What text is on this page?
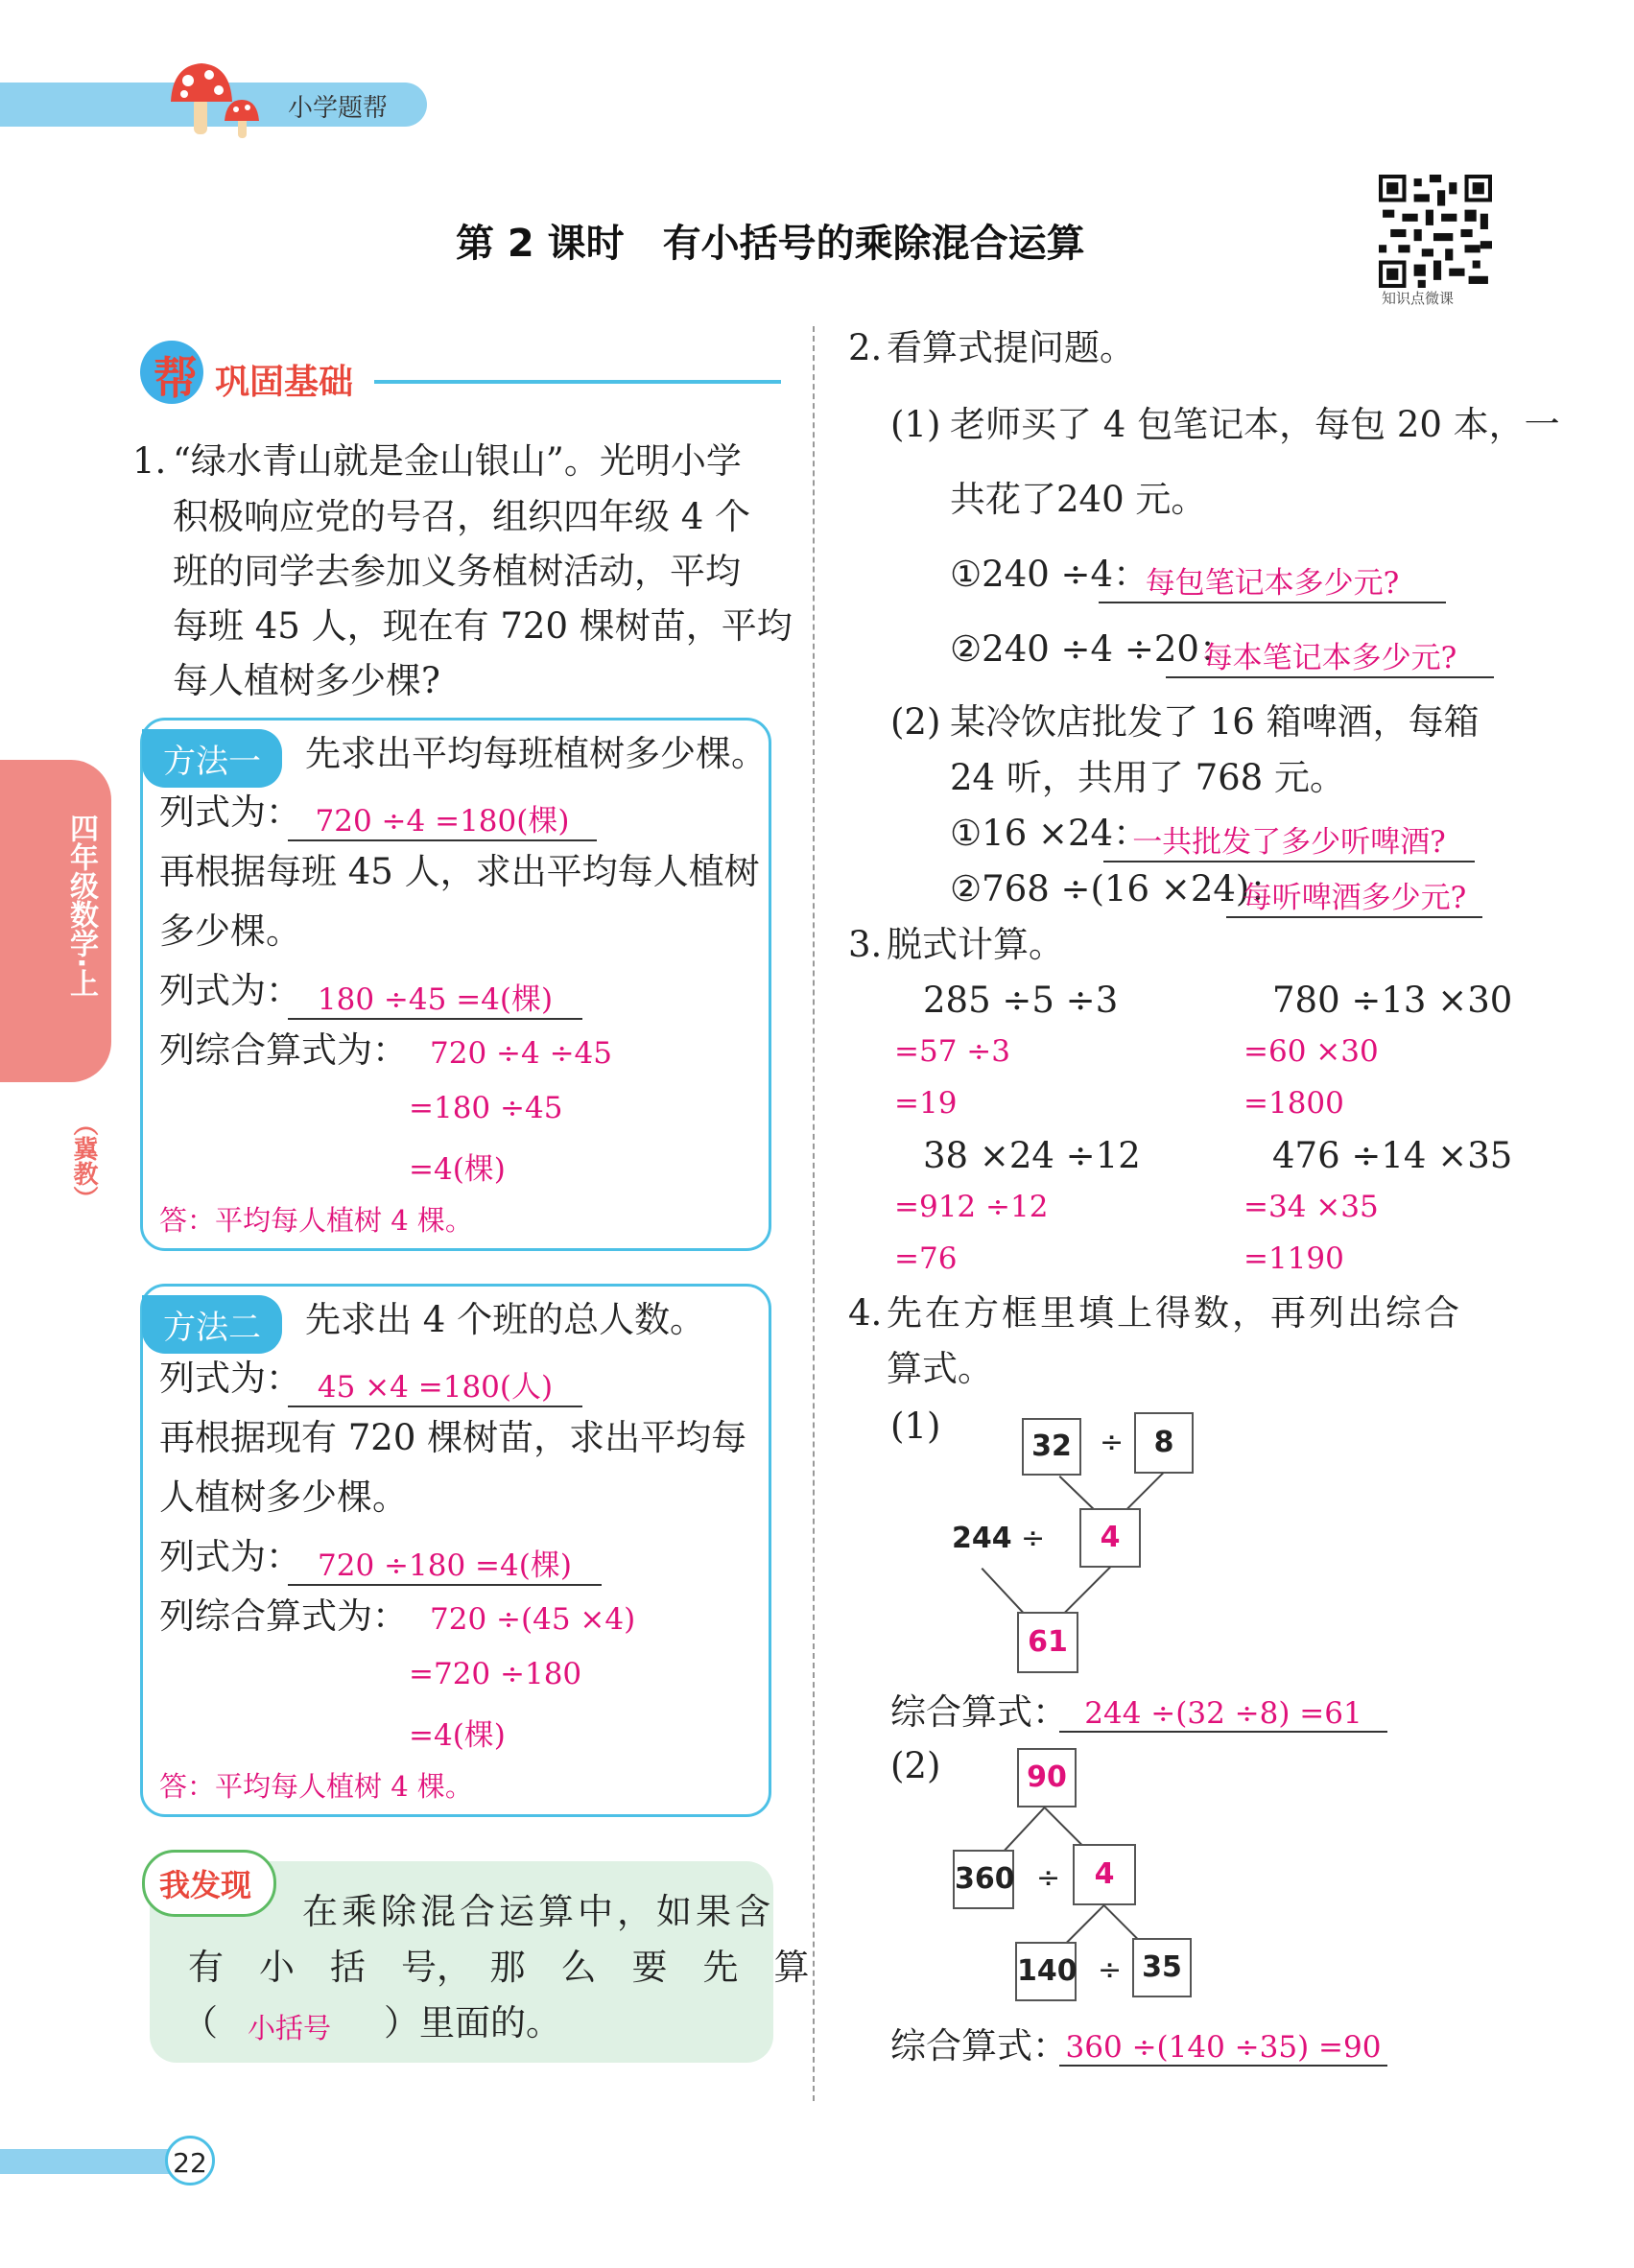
小学题帮
第 2 课时　有小括号的乘除混合运算
知识点微课
四年级数学·上
（冀教）
帮 巩固基础
1. “绿水青山就是金山银山”。光明小学
积极响应党的号召，组织四年级 4 个
班的同学去参加义务植树活动，平均
每班 45 人，现在有 720 棵树苗，平均
每人植树多少棵?
方法一	先求出平均每班植树多少棵。
列式为： 720 ÷4 =180(棵)
再根据每班 45 人，求出平均每人植树
多少棵。
列式为： 180 ÷45 =4(棵)
列综合算式为： 720 ÷4 ÷45
=180 ÷45
=4(棵)
答：平均每人植树 4 棵。
方法二	先求出 4 个班的总人数。
列式为： 45 ×4 =180(人)
再根据现有 720 棵树苗，求出平均每
人植树多少棵。
列式为： 720 ÷180 =4(棵)
列综合算式为： 720 ÷(45 ×4)
=720 ÷180
=4(棵)
答：平均每人植树 4 棵。
我发现
在乘除混合运算中，如果含
有　小　括　号，　那　么　要　先　算
（ 小括号 ）里面的。
2. 看算式提问题。
(1) 老师买了 4 包笔记本，每包 20 本，一
共花了240 元。
①240 ÷4：
每包笔记本多少元?
②240 ÷4 ÷20：
每本笔记本多少元?
(2) 某冷饮店批发了 16 箱啤酒，每箱
24 听，共用了 768 元。
①16 ×24：
一共批发了多少听啤酒?
②768 ÷(16 ×24)：
每听啤酒多少元?
3. 脱式计算。
285 ÷5 ÷3
=57 ÷3
=19
780 ÷13 ×30
=60 ×30
=1800
38 ×24 ÷12
=912 ÷12
=76
476 ÷14 ×35
=34 ×35
=1190
4. 先在方框里填上得数，再列出综合
算式。
(1)	32 ÷	8
244 ÷	4
61
综合算式： 244 ÷(32 ÷8) =61
(2)	90
360 ÷	4
140 ÷ 35
综合算式：
360 ÷(140 ÷35) =90
22
